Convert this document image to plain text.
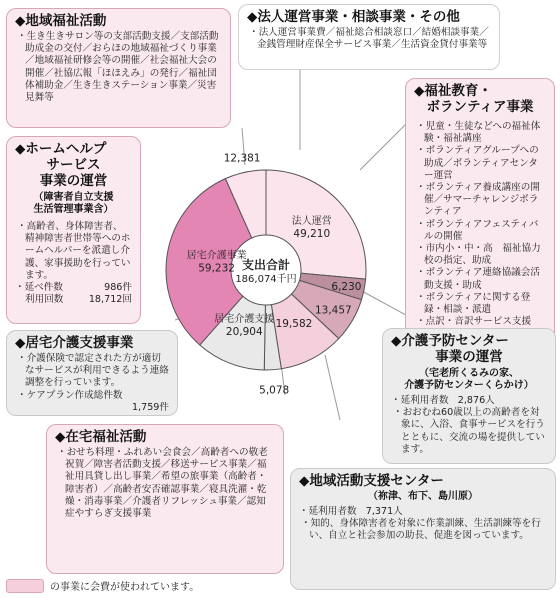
法人運営
49,210
6,230
13,457
19,582
5,078
居宅介護支援
20,904
居宅介護事業
59,232
12,381
支出合計
186,074千円
◆地域福祉活動
・生き生きサロン等の支部活動支援／支部活動助成金の交付／おらほの地域福祉づくり事業／地域福祉研修会等の開催／社会福祉大会の開催／社協広報「ほほえみ」の発行／福祉団体補助金／生き生きステーション事業／災害見舞等
◆法人運営事業・相談事業・その他
・法人運営事業費／福祉総合相談窓口／結婚相談事業／金銭管理財産保全サービス事業／生活資金貸付事業等
◆福祉教育・
ボランティア事業
・児童・生徒などへの福祉体験・福祉講座
・ボランティアグループへの助成／ボランティアセンター運営
・ボランティア養成講座の開催／サマーチャレンジボランティア
・ボランティアフェスティバルの開催
・市内小・中・高　福祉協力校の指定、助成
・ボランティア連絡協議会活動支援・助成
・ボランティアに関する登録・相談・派遣
・点訳・音訳サービス支援
◆ホームヘルプ
サービス
事業の運営
（障害者自立支援
生活管理事業含）
・高齢者、身体障害者、精神障害者世帯等へのホームヘルパーを派遣し介護、家事援助を行っています。
・延べ件数	986件
利用回数	18,712回
◆居宅介護支援事業
・介護保険で認定された方が適切なサービスが利用できるよう連絡調整を行っています。
・ケアプラン作成総件数
1,759件
◆介護予防センター
事業の運営
（宅老所くるみの家、
介護予防センターくらかけ）
・延利用者数 2,876人
・おおむね60歳以上の高齢者を対象に、入浴、食事サービスを行うとともに、交流の場を提供しています。
◆在宅福祉活動
・おせち料理・ふれあい会食会／高齢者への敬老祝賀／障害者活動支援／移送サービス事業／福祉用具貸し出し事業／希望の旅事業（高齢者・障害者）／高齢者安否確認事業／寝具洗濯・乾燥・消毒事業／介護者リフレッシュ事業／認知症やすらぎ支援事業
◆地域活動支援センター
（祢津、布下、島川原）
・延利用者数 7,371人
・知的、身体障害者を対象に作業訓練、生活訓練等を行い、自立と社会参加の助長、促進を図っています。
の事業に会費が使われています。
